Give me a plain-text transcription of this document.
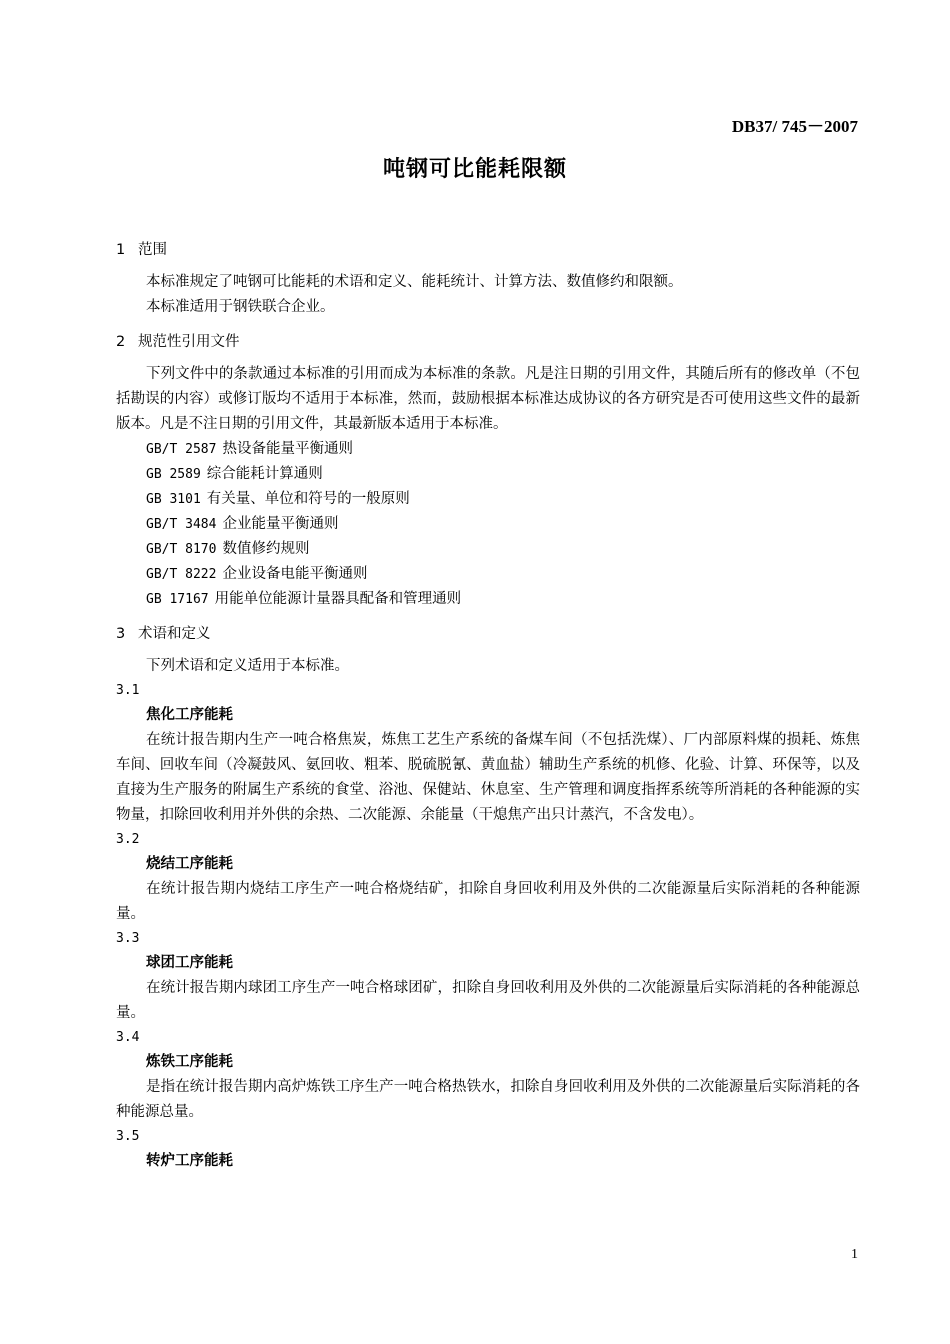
DB37/ 745－2007
吨钢可比能耗限额
1 范围

本标准规定了吨钢可比能耗的术语和定义、能耗统计、计算方法、数值修约和限额。

本标准适用于钢铁联合企业。

2 规范性引用文件

下列文件中的条款通过本标准的引用而成为本标准的条款。凡是注日期的引用文件，其随后所有的修改单（不包括勘误的内容）或修订版均不适用于本标准，然而，鼓励根据本标准达成协议的各方研究是否可使用这些文件的最新版本。凡是不注日期的引用文件，其最新版本适用于本标准。

GB/T 2587 热设备能量平衡通则
GB 2589 综合能耗计算通则
GB 3101 有关量、单位和符号的一般原则
GB/T 3484 企业能量平衡通则
GB/T 8170 数值修约规则
GB/T 8222 企业设备电能平衡通则
GB 17167 用能单位能源计量器具配备和管理通则
3 术语和定义

下列术语和定义适用于本标准。

3.1
焦化工序能耗

在统计报告期内生产一吨合格焦炭，炼焦工艺生产系统的备煤车间（不包括洗煤）、厂内部原料煤的损耗、炼焦车间、回收车间（冷凝鼓风、氨回收、粗苯、脱硫脱氰、黄血盐）辅助生产系统的机修、化验、计算、环保等，以及直接为生产服务的附属生产系统的食堂、浴池、保健站、休息室、生产管理和调度指挥系统等所消耗的各种能源的实物量，扣除回收利用并外供的余热、二次能源、余能量（干熄焦产出只计蒸汽，不含发电）。

3.2
烧结工序能耗

在统计报告期内烧结工序生产一吨合格烧结矿，扣除自身回收利用及外供的二次能源量后实际消耗的各种能源量。

3.3
球团工序能耗

在统计报告期内球团工序生产一吨合格球团矿，扣除自身回收利用及外供的二次能源量后实际消耗的各种能源总量。

3.4
炼铁工序能耗

是指在统计报告期内高炉炼铁工序生产一吨合格热铁水，扣除自身回收利用及外供的二次能源量后实际消耗的各种能源总量。

3.5
转炉工序能耗
1
